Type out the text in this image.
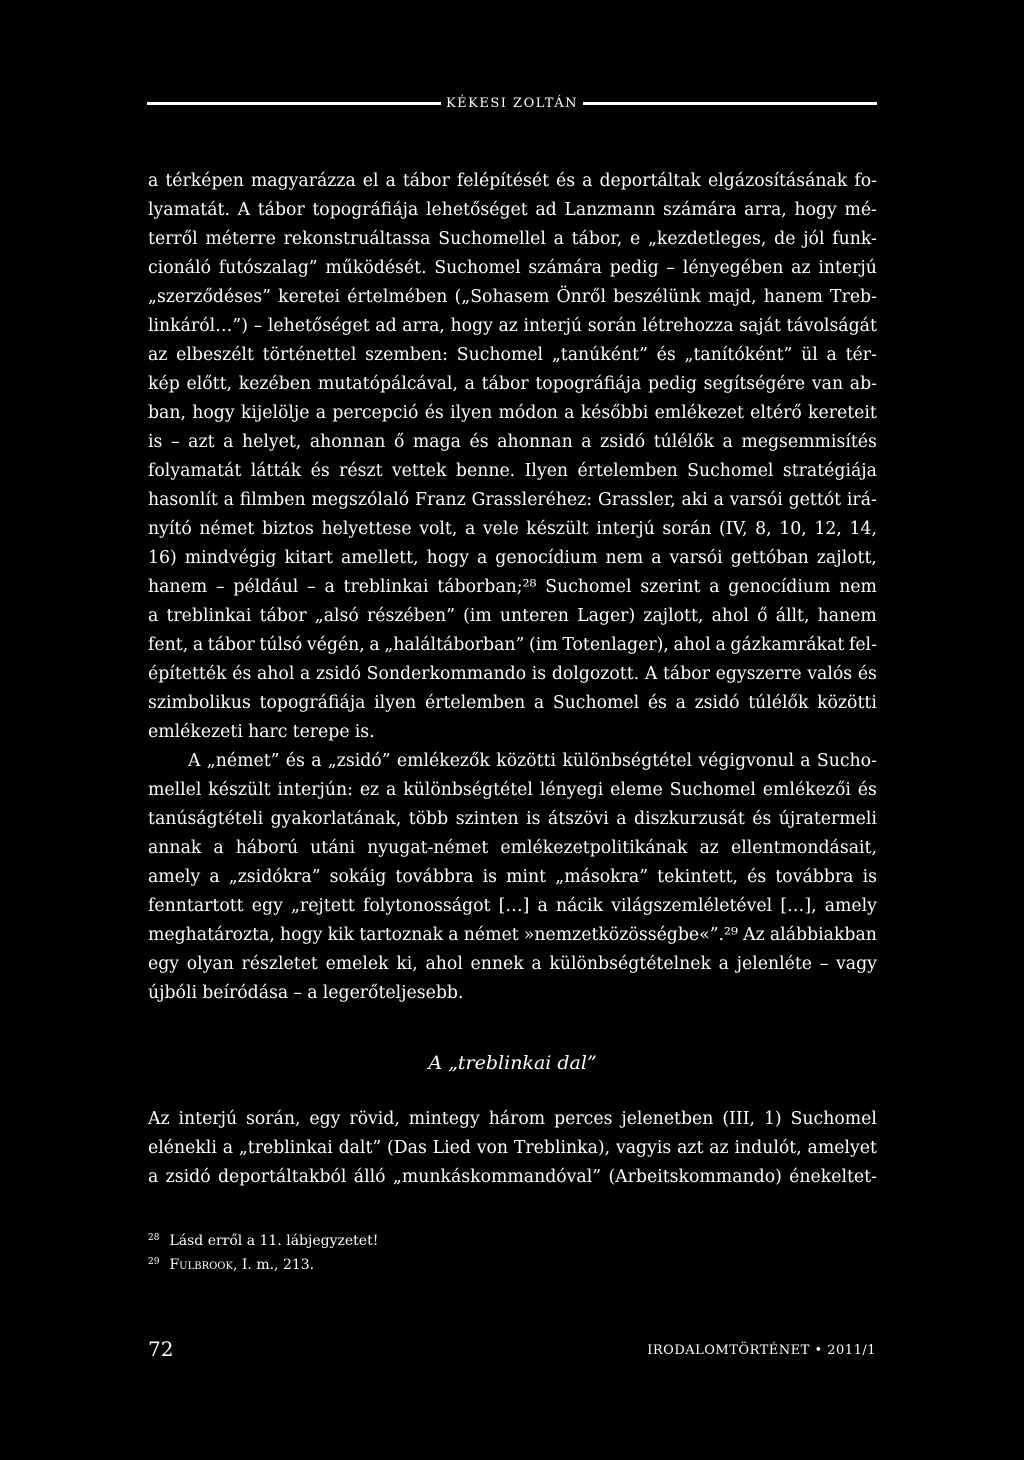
KÉKESI ZOLTÁN
a térképen magyarázza el a tábor felépítését és a deportáltak elgázosításának fo-
lyamatát. A tábor topográfiája lehetőséget ad Lanzmann számára arra, hogy mé-
terről méterre rekonstruáltassa Suchomellel a tábor, e „kezdetleges, de jól funk-
cionáló futószalag” működését. Suchomel számára pedig – lényegében az interjú
„szerződéses” keretei értelmében („Sohasem Önről beszélünk majd, hanem Treb-
linkáról…”) – lehetőséget ad arra, hogy az interjú során létrehozza saját távolságát
az elbeszélt történettel szemben: Suchomel „tanúként” és „tanítóként” ül a tér-
kép előtt, kezében mutatópálcával, a tábor topográfiája pedig segítségére van ab-
ban, hogy kijelölje a percepció és ilyen módon a későbbi emlékezet eltérő kereteit
is – azt a helyet, ahonnan ő maga és ahonnan a zsidó túlélők a megsemmisítés
folyamatát látták és részt vettek benne. Ilyen értelemben Suchomel stratégiája
hasonlít a filmben megszólaló Franz Grassleréhez: Grassler, aki a varsói gettót irá-
nyító német biztos helyettese volt, a vele készült interjú során (IV, 8, 10, 12, 14,
16) mindvégig kitart amellett, hogy a genocídium nem a varsói gettóban zajlott,
hanem – például – a treblinkai táborban;²⁸ Suchomel szerint a genocídium nem
a treblinkai tábor „alsó részében” (im unteren Lager) zajlott, ahol ő állt, hanem
fent, a tábor túlsó végén, a „haláltáborban” (im Totenlager), ahol a gázkamrákat fel-
építették és ahol a zsidó Sonderkommando is dolgozott. A tábor egyszerre valós és
szimbolikus topográfiája ilyen értelemben a Suchomel és a zsidó túlélők közötti
emlékezeti harc terepe is.
A „német” és a „zsidó” emlékezők közötti különbségtétel végigvonul a Sucho-
mellel készült interjún: ez a különbségtétel lényegi eleme Suchomel emlékezői és
tanúságtételi gyakorlatának, több szinten is átszövi a diszkurzusát és újratermeli
annak a háború utáni nyugat-német emlékezetpolitikának az ellentmondásait,
amely a „zsidókra” sokáig továbbra is mint „másokra” tekintett, és továbbra is
fenntartott egy „rejtett folytonosságot […] a nácik világszemléletével […], amely
meghatározta, hogy kik tartoznak a német »nemzetközösségbe«”.²⁹ Az alábbiakban
egy olyan részletet emelek ki, ahol ennek a különbségtételnek a jelenléte – vagy
újbóli beíródása – a legerőteljesebb.
A „treblinkai dal”
Az interjú során, egy rövid, mintegy három perces jelenetben (III, 1) Suchomel
elénekli a „treblinkai dalt” (Das Lied von Treblinka), vagyis azt az indulót, amelyet
a zsidó deportáltakból álló „munkáskommandóval” (Arbeitskommando) énekeltet-
$^{28}$ Lásd erről a 11. lábjegyzetet!
$^{29}$ Fulbrook, I. m., 213.
72	IRODALOMTÖRTÉNET • 2011/1
